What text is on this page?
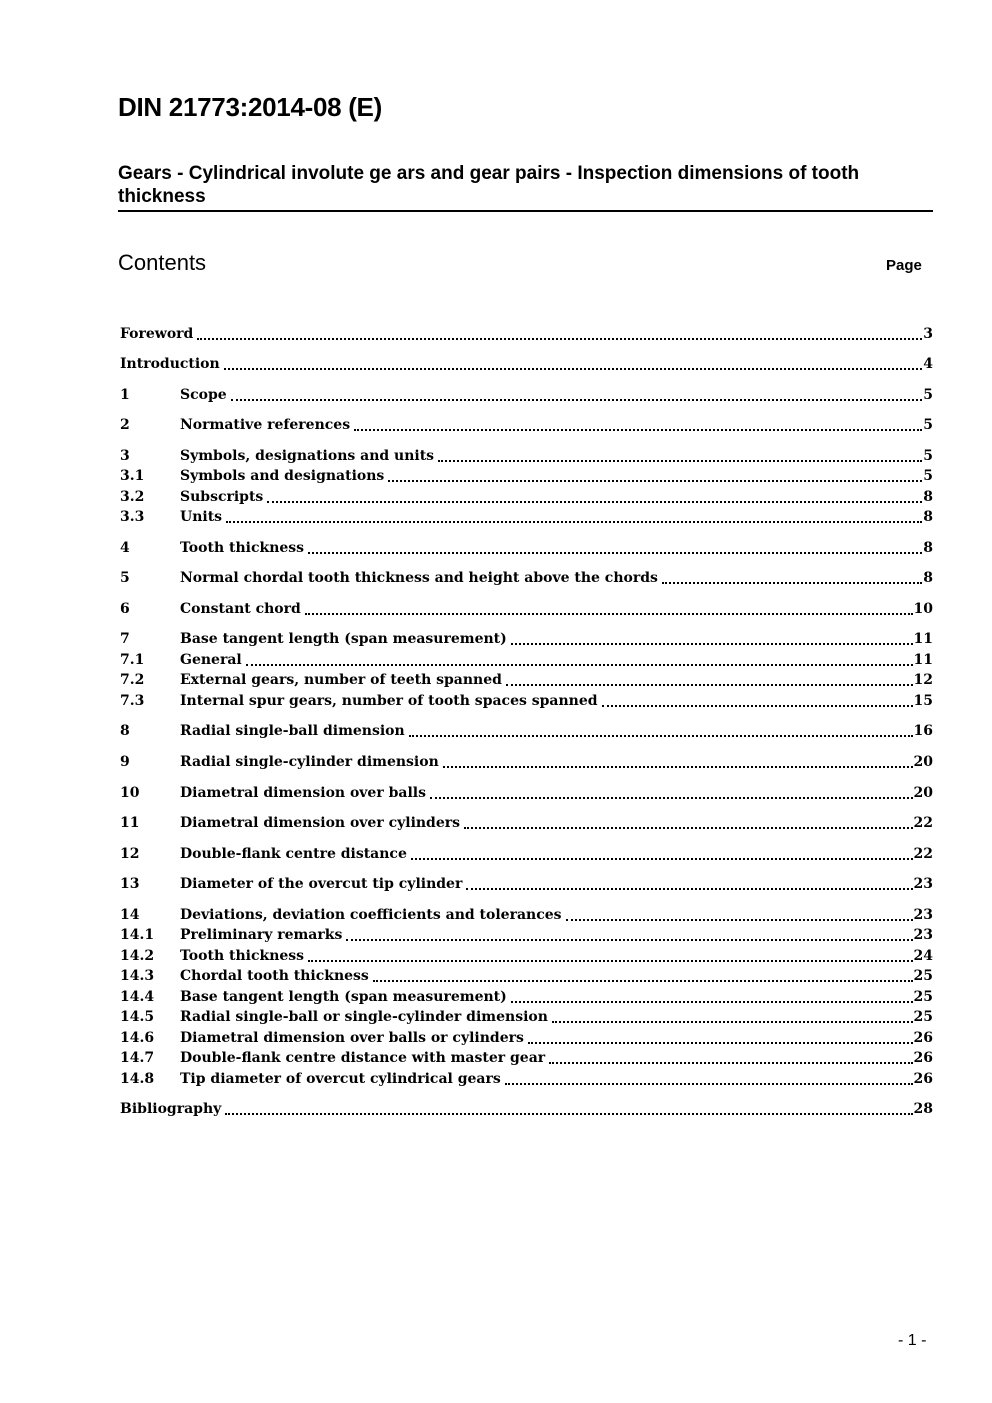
DIN 21773:2014-08 (E)
Gears - Cylindrical involute ge ars and gear pairs - Inspection dimensions of tooth thickness
Contents	Page
Foreword	3
Introduction	4
1	Scope	5
2	Normative references	5
3	Symbols, designations and units	5
3.1	Symbols and designations	5
3.2	Subscripts	8
3.3	Units	8
4	Tooth thickness	8
5	Normal chordal tooth thickness and height above the chords	8
6	Constant chord	10
7	Base tangent length (span measurement)	11
7.1	General	11
7.2	External gears, number of teeth spanned	12
7.3	Internal spur gears, number of tooth spaces spanned	15
8	Radial single-ball dimension	16
9	Radial single-cylinder dimension	20
10	Diametral dimension over balls	20
11	Diametral dimension over cylinders	22
12	Double-flank centre distance	22
13	Diameter of the overcut tip cylinder	23
14	Deviations, deviation coefficients and tolerances	23
14.1	Preliminary remarks	23
14.2	Tooth thickness	24
14.3	Chordal tooth thickness	25
14.4	Base tangent length (span measurement)	25
14.5	Radial single-ball or single-cylinder dimension	25
14.6	Diametral dimension over balls or cylinders	26
14.7	Double-flank centre distance with master gear	26
14.8	Tip diameter of overcut cylindrical gears	26
Bibliography	28
- 1 -
